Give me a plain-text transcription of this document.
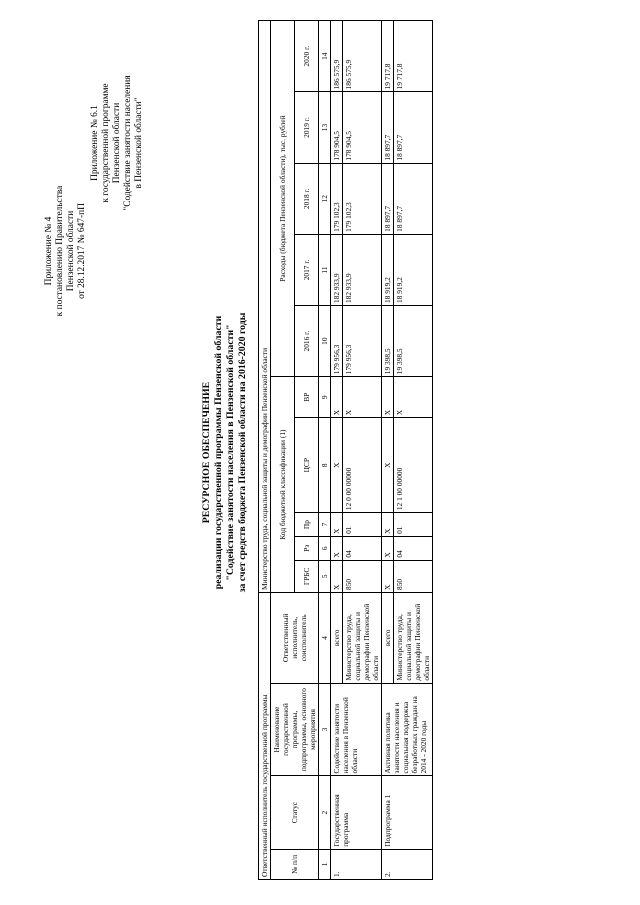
Приложение № 4 к постановлению Правительства Пензенской области от 28.12.2017 № 647-пП
Приложение № 6.1 к государственной программе Пензенской области "Содействие занятости населения в Пензенской области"
РЕСУРСНОЕ ОБЕСПЕЧЕНИЕ реализации государственной программы Пензенской области "Содействие занятости населения в Пензенской области" за счет средств бюджета Пензенской области на 2016-2020 годы
Ответственный исполнитель государственной программы				Министерство труда, социальной защиты и демографии Пензенской области									
№ п/п	Статус	Наименование государственной программы, подпрограммы, основного мероприятия	Ответственный исполнитель, соисполнитель	Код бюджетной классификации (1)					Расходы (бюджета Пензенской области), тыс. рублей				
				ГРБС	Рз	Пр	ЦСР	ВР	2016 г.	2017 г.	2018 г.	2019 г.	2020 г.
1	2	3	4	5	6	7	8	9	10	11	12	13	14
1.	Государственная программа	Содействие занятости населения в Пензенской области	всего	X	X	X	X	X	179 956,3	182 933,9	179 102,3	178 904,5	186 575,9
			Министерство труда, социальной защиты и демографии Пензенской области	850	04	01	12 0 00 00000	X	179 956,3	182 933,9	179 102,3	178 904,5	186 575,9
2.	Подпрограмма 1	Активная политика занятости населения и социальная поддержка безработных граждан на 2014 - 2020 годы	всего	X	X	X	X	X	19 398,5	18 919,2	18 897,7	18 897,7	19 717,8
			Министерство труда, социальной защиты и демографии Пензенской области	850	04	01	12 1 00 00000	X	19 398,5	18 919,2	18 897,7	18 897,7	19 717,8
